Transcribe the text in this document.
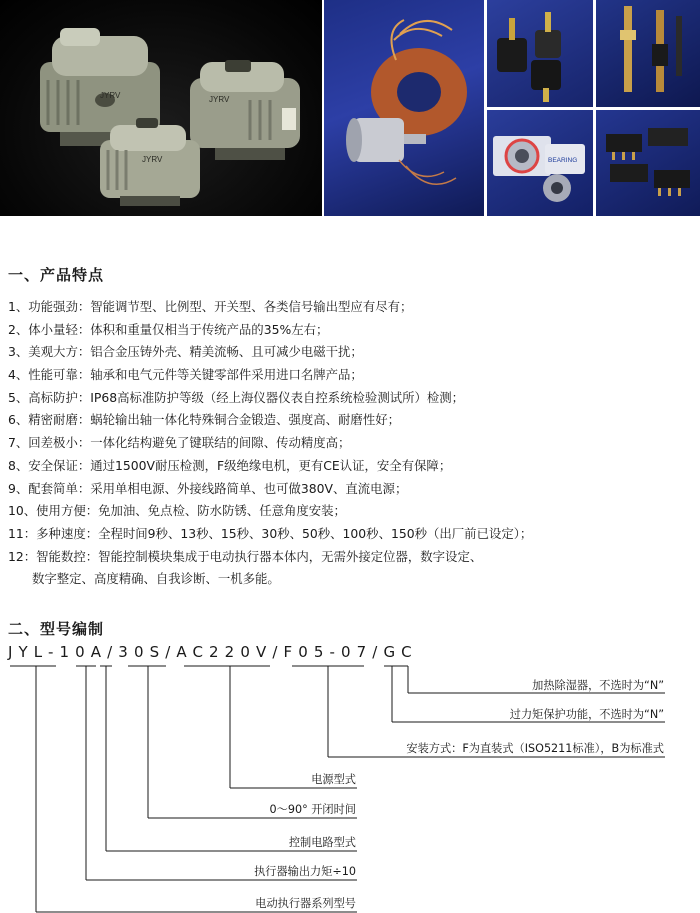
JYRV	JYRV
JYRV	BEARING
一、产品特点
1、功能强劲：智能调节型、比例型、开关型、各类信号输出型应有尽有；
2、体小量轻：体积和重量仅相当于传统产品的35%左右；
3、美观大方：铝合金压铸外壳、精美流畅、且可减少电磁干扰；
4、性能可靠：轴承和电气元件等关键零部件采用进口名牌产品；
5、高标防护：IP68高标准防护等级（经上海仪器仪表自控系统检验测试所）检测；
6、精密耐磨：蜗轮输出轴一体化特殊铜合金锻造、强度高、耐磨性好；
7、回差极小：一体化结构避免了键联结的间隙、传动精度高；
8、安全保证：通过1500V耐压检测，F级绝缘电机，更有CE认证，安全有保障；
9、配套简单：采用单相电源、外接线路简单、也可做380V、直流电源；
10、使用方便：免加油、免点检、防水防锈、任意角度安装；
11：多种速度：全程时间9秒、13秒、15秒、30秒、50秒、100秒、150秒（出厂前已设定）；
12：智能数控：智能控制模块集成于电动执行器本体内，无需外接定位器，数字设定、
数字整定、高度精确、自我诊断、一机多能。
二、型号编制
JYL-10A/30S/AC220V/F05-07/GC
加热除湿器，不选时为“N”
过力矩保护功能，不选时为“N”
安装方式：F为直装式（ISO5211标准），B为标准式
电源型式
0～90° 开闭时间
控制电路型式
执行器输出力矩÷10
电动执行器系列型号
